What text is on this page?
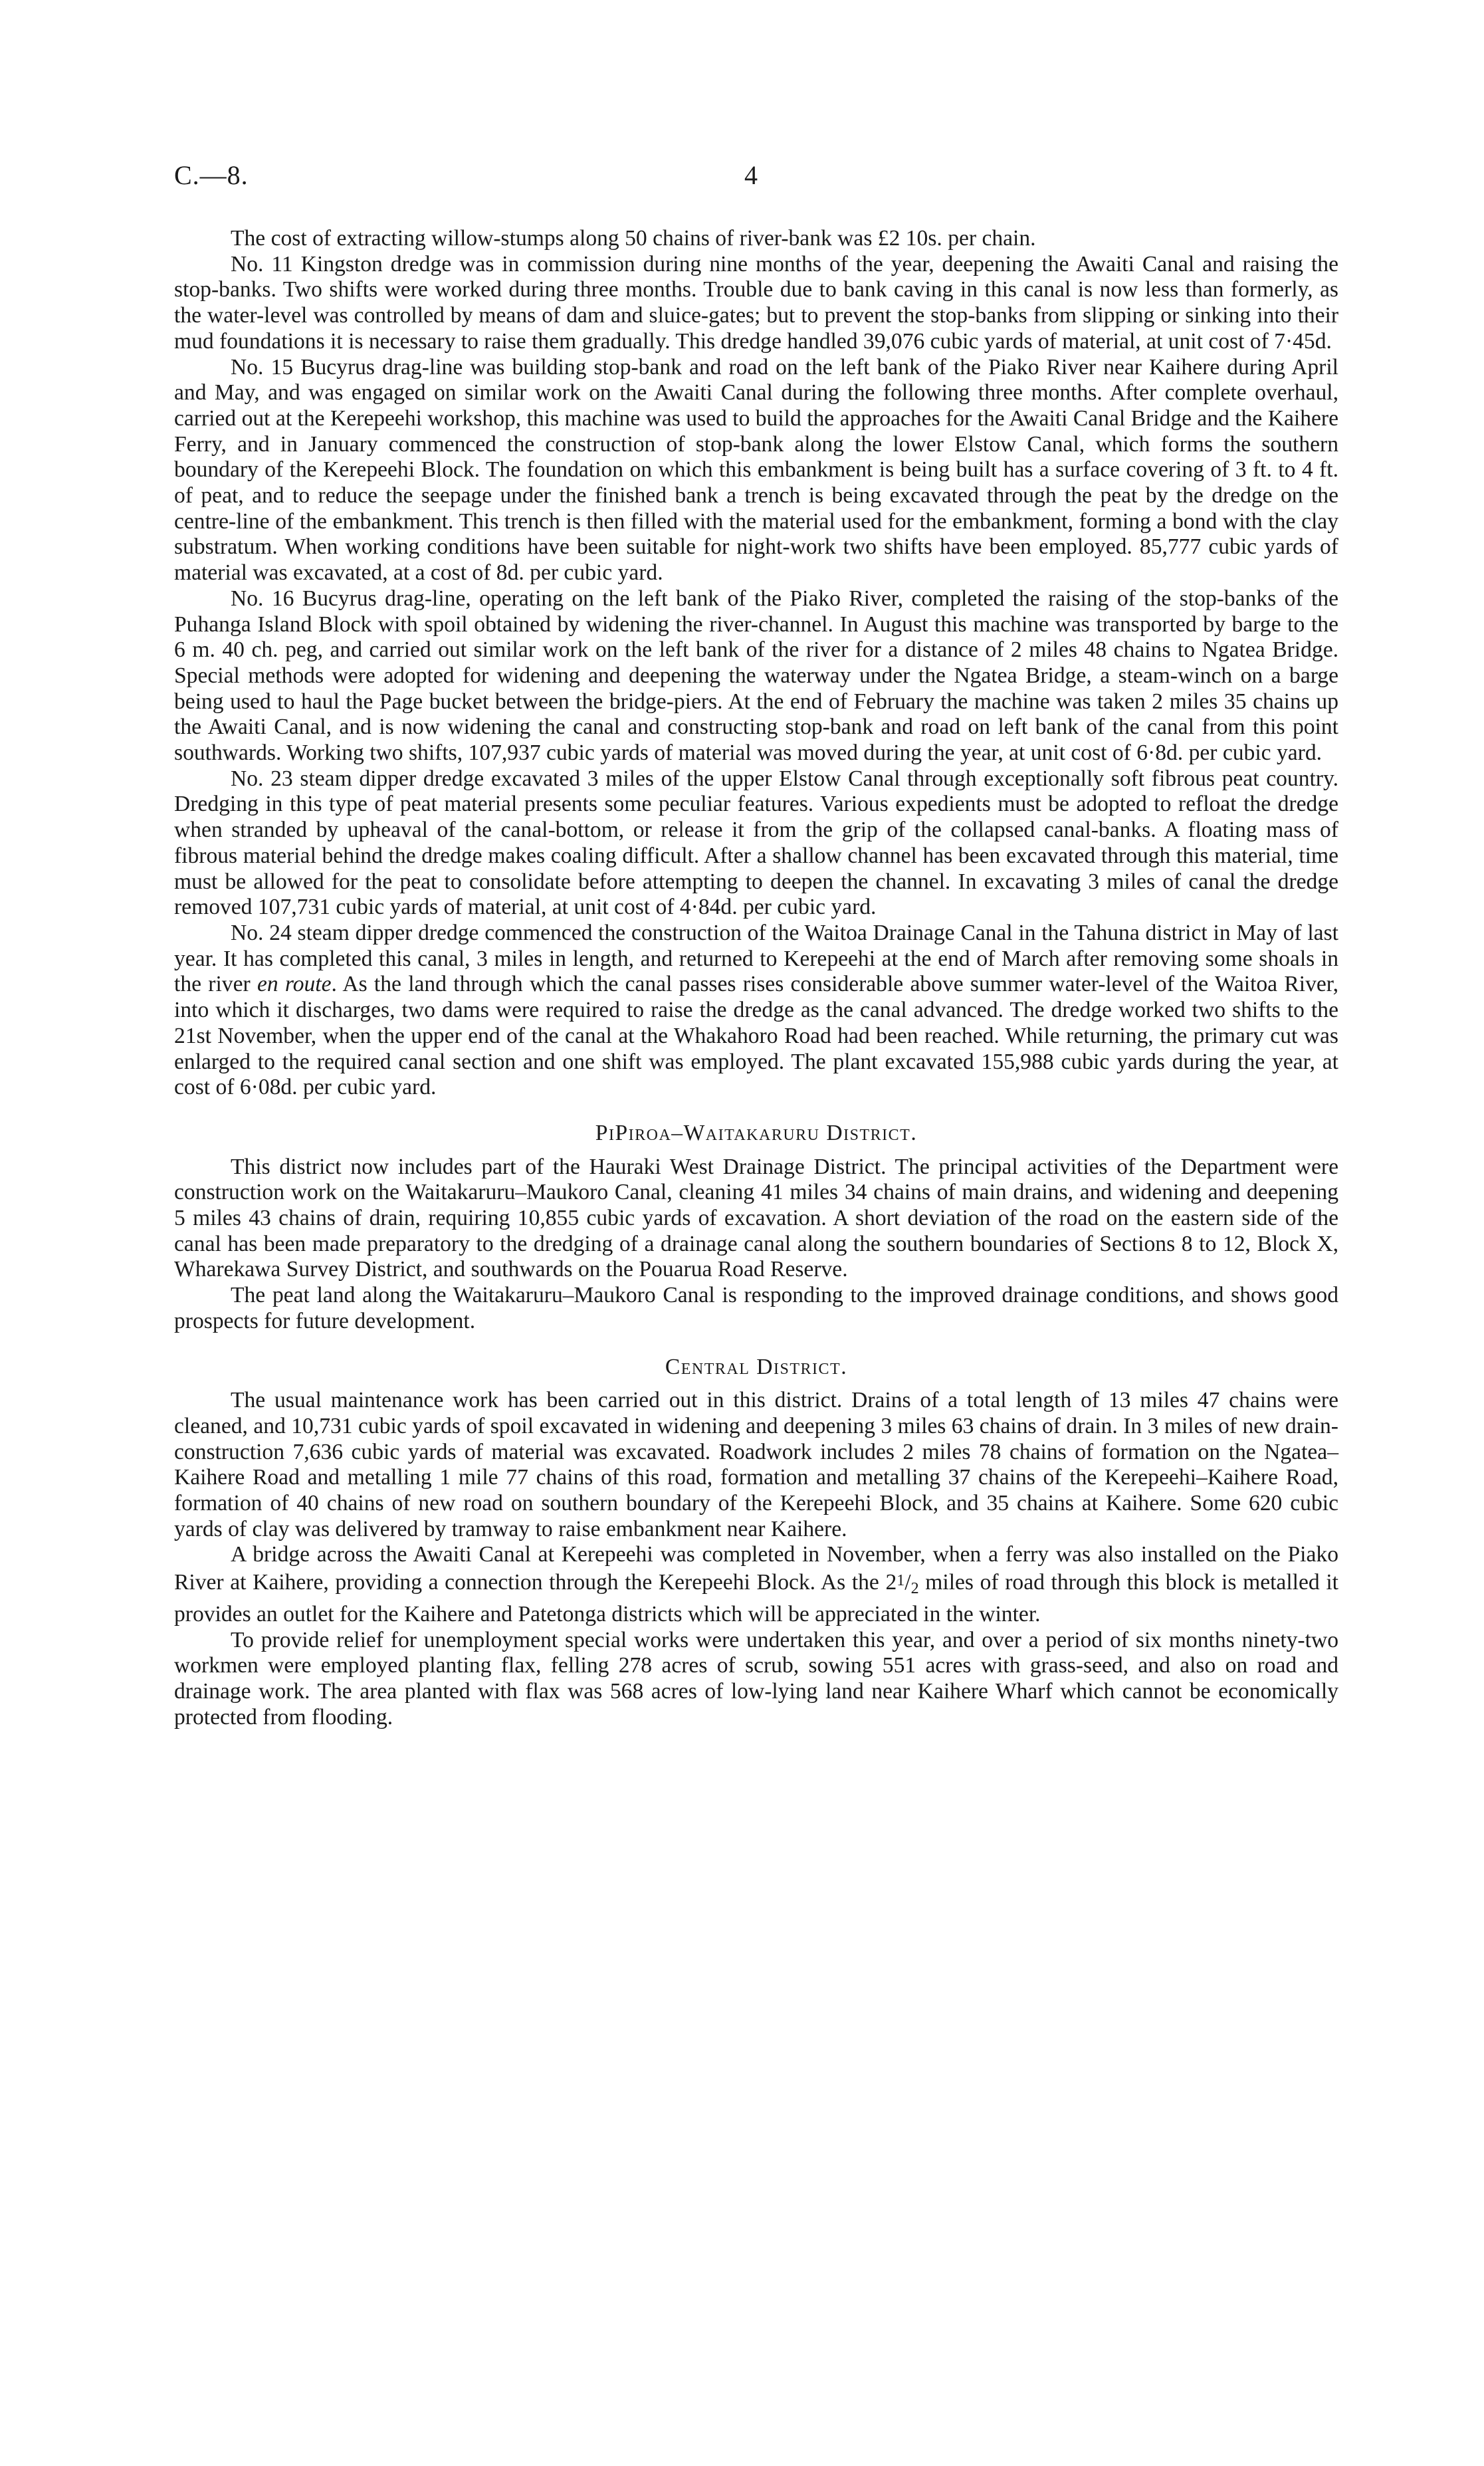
C.—8.	4

The cost of extracting willow-stumps along 50 chains of river-bank was £2 10s. per chain.

No. 11 Kingston dredge was in commission during nine months of the year, deepening the Awaiti Canal and raising the stop-banks. Two shifts were worked during three months. Trouble due to bank caving in this canal is now less than formerly, as the water-level was controlled by means of dam and sluice-gates; but to prevent the stop-banks from slipping or sinking into their mud foundations it is necessary to raise them gradually. This dredge handled 39,076 cubic yards of material, at unit cost of 7·45d.

No. 15 Bucyrus drag-line was building stop-bank and road on the left bank of the Piako River near Kaihere during April and May, and was engaged on similar work on the Awaiti Canal during the following three months. After complete overhaul, carried out at the Kerepeehi workshop, this machine was used to build the approaches for the Awaiti Canal Bridge and the Kaihere Ferry, and in January commenced the construction of stop-bank along the lower Elstow Canal, which forms the southern boundary of the Kerepeehi Block. The foundation on which this embankment is being built has a surface covering of 3 ft. to 4 ft. of peat, and to reduce the seepage under the finished bank a trench is being excavated through the peat by the dredge on the centre-line of the embankment. This trench is then filled with the material used for the embankment, forming a bond with the clay substratum. When working conditions have been suitable for night-work two shifts have been employed. 85,777 cubic yards of material was excavated, at a cost of 8d. per cubic yard.

No. 16 Bucyrus drag-line, operating on the left bank of the Piako River, completed the raising of the stop-banks of the Puhanga Island Block with spoil obtained by widening the river-channel. In August this machine was transported by barge to the 6 m. 40 ch. peg, and carried out similar work on the left bank of the river for a distance of 2 miles 48 chains to Ngatea Bridge. Special methods were adopted for widening and deepening the waterway under the Ngatea Bridge, a steam-winch on a barge being used to haul the Page bucket between the bridge-piers. At the end of February the machine was taken 2 miles 35 chains up the Awaiti Canal, and is now widening the canal and constructing stop-bank and road on left bank of the canal from this point southwards. Working two shifts, 107,937 cubic yards of material was moved during the year, at unit cost of 6·8d. per cubic yard.

No. 23 steam dipper dredge excavated 3 miles of the upper Elstow Canal through exceptionally soft fibrous peat country. Dredging in this type of peat material presents some peculiar features. Various expedients must be adopted to refloat the dredge when stranded by upheaval of the canal-bottom, or release it from the grip of the collapsed canal-banks. A floating mass of fibrous material behind the dredge makes coaling difficult. After a shallow channel has been excavated through this material, time must be allowed for the peat to consolidate before attempting to deepen the channel. In excavating 3 miles of canal the dredge removed 107,731 cubic yards of material, at unit cost of 4·84d. per cubic yard.

No. 24 steam dipper dredge commenced the construction of the Waitoa Drainage Canal in the Tahuna district in May of last year. It has completed this canal, 3 miles in length, and returned to Kerepeehi at the end of March after removing some shoals in the river en route. As the land through which the canal passes rises considerable above summer water-level of the Waitoa River, into which it discharges, two dams were required to raise the dredge as the canal advanced. The dredge worked two shifts to the 21st November, when the upper end of the canal at the Whakahoro Road had been reached. While returning, the primary cut was enlarged to the required canal section and one shift was employed. The plant excavated 155,988 cubic yards during the year, at cost of 6·08d. per cubic yard.

PiPiroa–Waitakaruru District.

This district now includes part of the Hauraki West Drainage District. The principal activities of the Department were construction work on the Waitakaruru–Maukoro Canal, cleaning 41 miles 34 chains of main drains, and widening and deepening 5 miles 43 chains of drain, requiring 10,855 cubic yards of excavation. A short deviation of the road on the eastern side of the canal has been made preparatory to the dredging of a drainage canal along the southern boundaries of Sections 8 to 12, Block X, Wharekawa Survey District, and southwards on the Pouarua Road Reserve.

The peat land along the Waitakaruru–Maukoro Canal is responding to the improved drainage conditions, and shows good prospects for future development.

Central District.

The usual maintenance work has been carried out in this district. Drains of a total length of 13 miles 47 chains were cleaned, and 10,731 cubic yards of spoil excavated in widening and deepening 3 miles 63 chains of drain. In 3 miles of new drain-construction 7,636 cubic yards of material was excavated. Roadwork includes 2 miles 78 chains of formation on the Ngatea–Kaihere Road and metalling 1 mile 77 chains of this road, formation and metalling 37 chains of the Kerepeehi–Kaihere Road, formation of 40 chains of new road on southern boundary of the Kerepeehi Block, and 35 chains at Kaihere. Some 620 cubic yards of clay was delivered by tramway to raise embankment near Kaihere.

A bridge across the Awaiti Canal at Kerepeehi was completed in November, when a ferry was also installed on the Piako River at Kaihere, providing a connection through the Kerepeehi Block. As the 21/2 miles of road through this block is metalled it provides an outlet for the Kaihere and Patetonga districts which will be appreciated in the winter.

To provide relief for unemployment special works were undertaken this year, and over a period of six months ninety-two workmen were employed planting flax, felling 278 acres of scrub, sowing 551 acres with grass-seed, and also on road and drainage work. The area planted with flax was 568 acres of low-lying land near Kaihere Wharf which cannot be economically protected from flooding.
